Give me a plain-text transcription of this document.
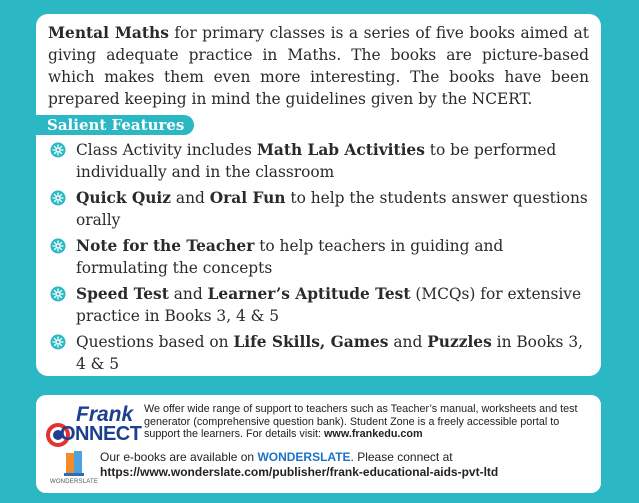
Mental Maths for primary classes is a series of five books aimed at giving adequate practice in Maths. The books are picture-based which makes them even more interesting. The books have been prepared keeping in mind the guidelines given by the NCERT.

Salient Features
Class Activity includes Math Lab Activities to be performed individually and in the classroom
Quick Quiz and Oral Fun to help the students answer questions orally
Note for the Teacher to help teachers in guiding and formulating the concepts
Speed Test and Learner’s Aptitude Test (MCQs) for extensive practice in Books 3, 4 & 5
Questions based on Life Skills, Games and Puzzles in Books 3, 4 & 5
Frank
ONNECT
We offer wide range of support to teachers such as Teacher’s manual, worksheets and test generator (comprehensive question bank). Student Zone is a freely accessible portal to support the learners. For details visit: www.frankedu.com
WONDERSLATE
Our e-books are available on WONDERSLATE. Please connect at
https://www.wonderslate.com/publisher/frank-educational-aids-pvt-ltd
